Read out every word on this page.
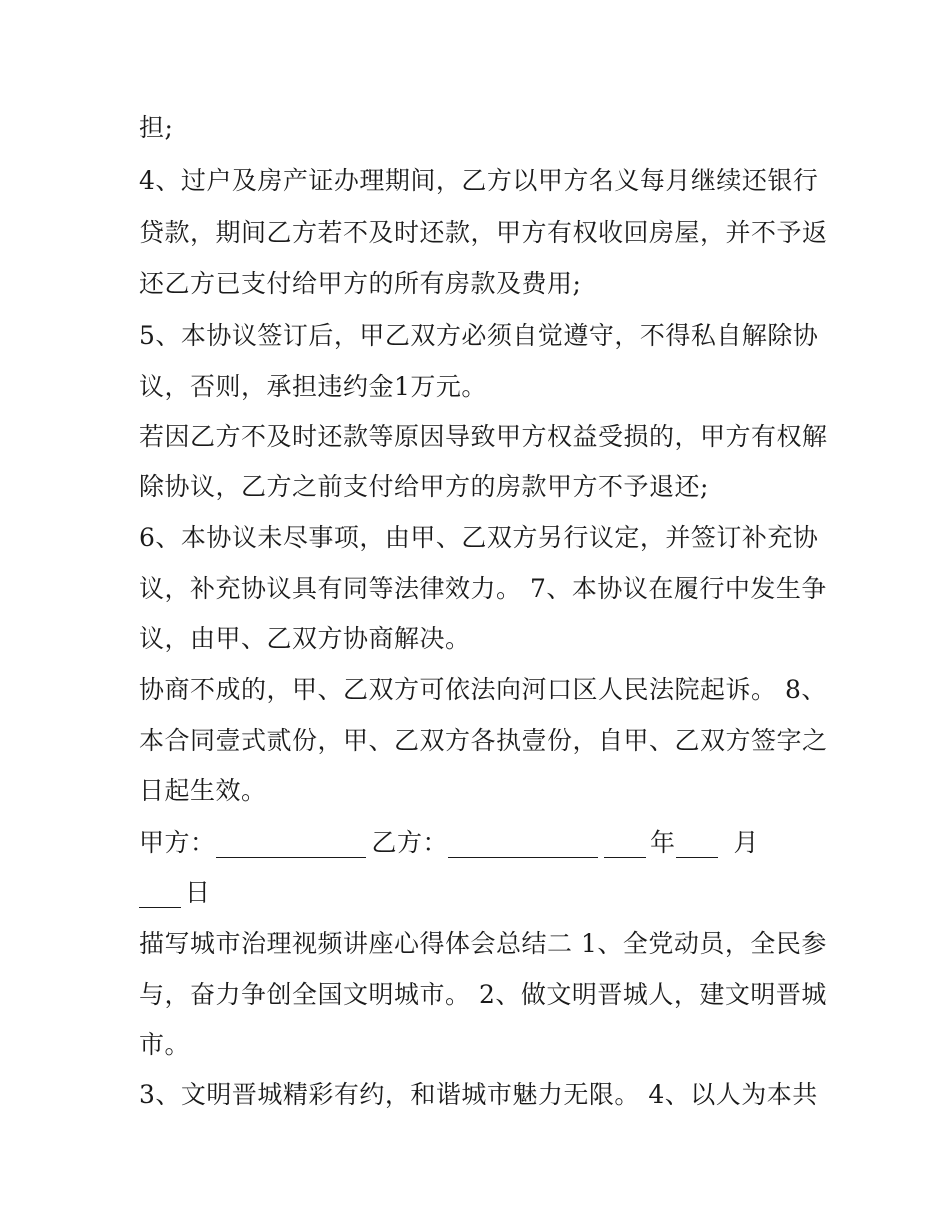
担;
4、过户及房产证办理期间，乙方以甲方名义每月继续还银行
贷款，期间乙方若不及时还款，甲方有权收回房屋，并不予返
还乙方已支付给甲方的所有房款及费用;
5、本协议签订后，甲乙双方必须自觉遵守，不得私自解除协
议，否则，承担违约金1万元。
若因乙方不及时还款等原因导致甲方权益受损的，甲方有权解
除协议，乙方之前支付给甲方的房款甲方不予退还;
6、本协议未尽事项，由甲、乙双方另行议定，并签订补充协
议，补充协议具有同等法律效力。 7、本协议在履行中发生争
议，由甲、乙双方协商解决。
协商不成的，甲、乙双方可依法向河口区人民法院起诉。 8、
本合同壹式贰份，甲、乙双方各执壹份，自甲、乙双方签字之
日起生效。
甲方：	乙方：	年 月
日
描写城市治理视频讲座心得体会总结二 1、全党动员，全民参
与，奋力争创全国文明城市。 2、做文明晋城人，建文明晋城
市。
3、文明晋城精彩有约，和谐城市魅力无限。 4、以人为本共
